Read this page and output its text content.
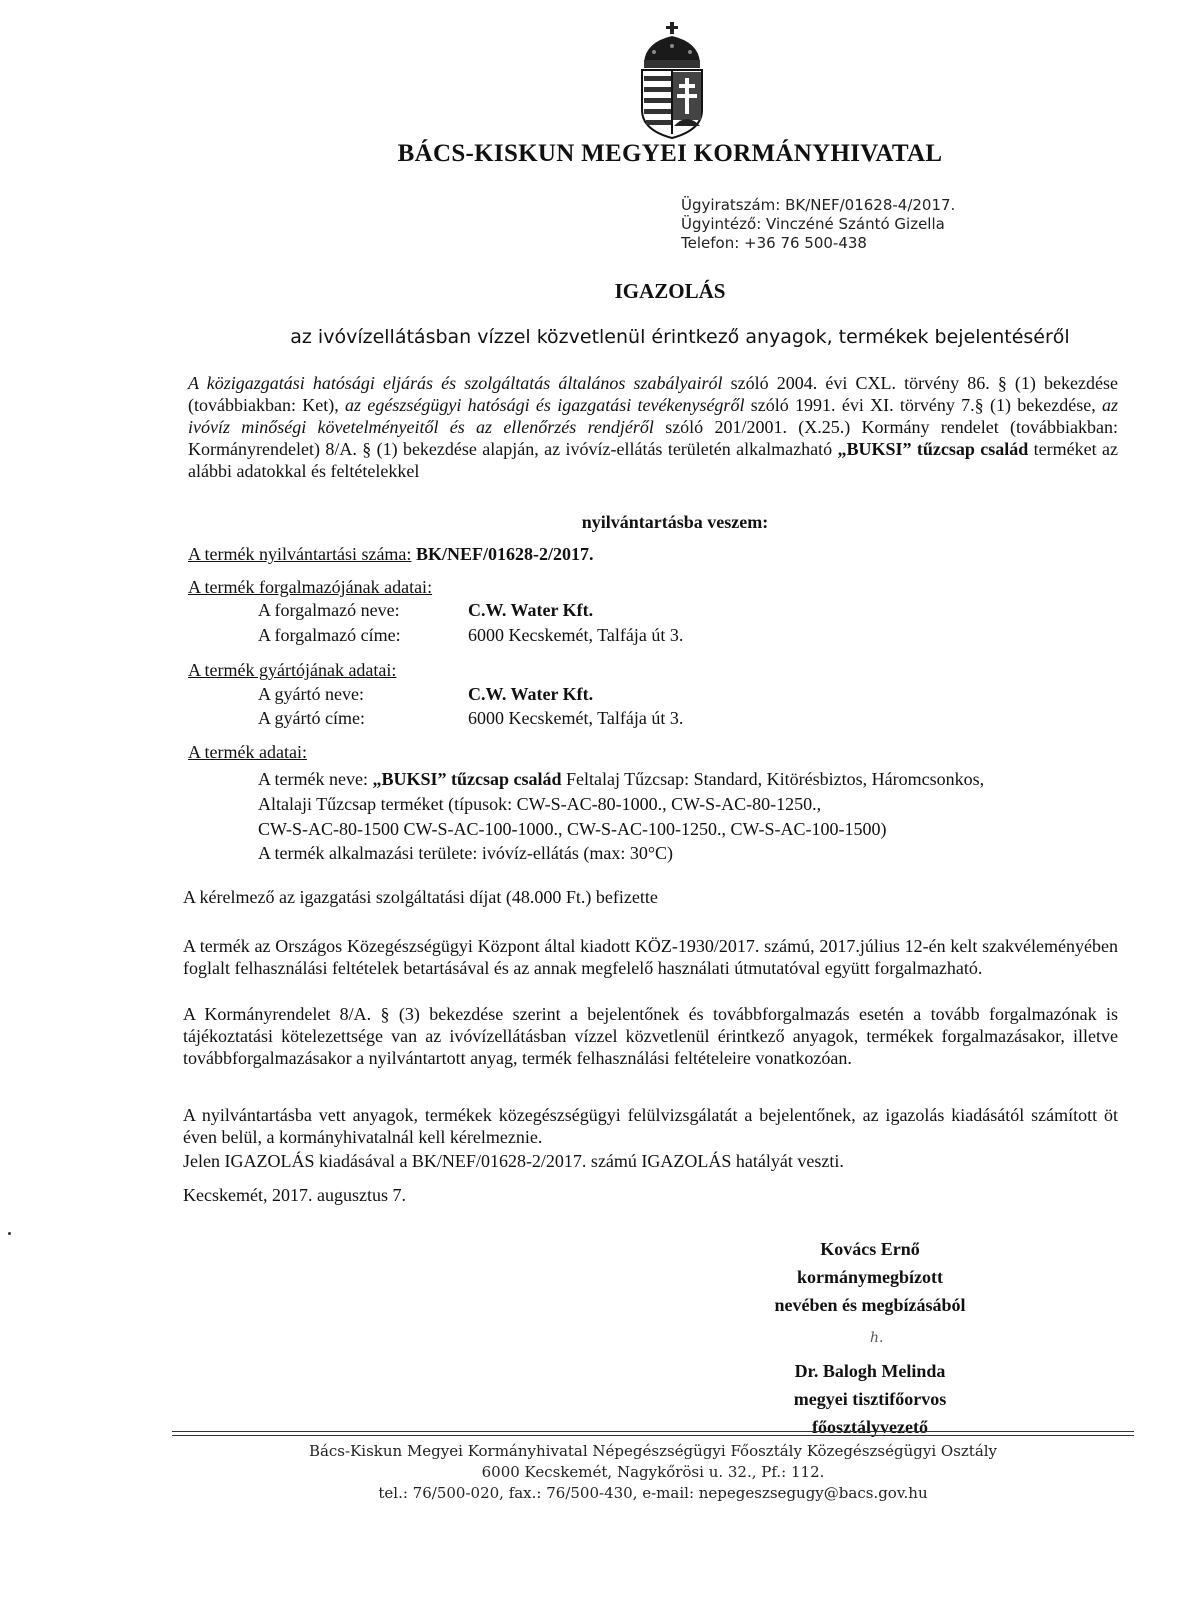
BÁCS-KISKUN MEGYEI KORMÁNYHIVATAL
Ügyiratszám: BK/NEF/01628-4/2017.
Ügyintéző: Vinczéné Szántó Gizella
Telefon: +36 76 500-438
IGAZOLÁS
az ivóvízellátásban vízzel közvetlenül érintkező anyagok, termékek bejelentéséről
A közigazgatási hatósági eljárás és szolgáltatás általános szabályairól szóló 2004. évi CXL. törvény 86. § (1) bekezdése (továbbiakban: Ket), az egészségügyi hatósági és igazgatási tevékenységről szóló 1991. évi XI. törvény 7.§ (1) bekezdése, az ivóvíz minőségi követelményeitől és az ellenőrzés rendjéről szóló 201/2001. (X.25.) Kormány rendelet (továbbiakban: Kormányrendelet) 8/A. § (1) bekezdése alapján, az ivóvíz-ellátás területén alkalmazható „BUKSI” tűzcsap család terméket az alábbi adatokkal és feltételekkel
nyilvántartásba veszem:
A termék nyilvántartási száma: BK/NEF/01628-2/2017.
A termék forgalmazójának adatai:
A forgalmazó neve:	C.W. Water Kft.
A forgalmazó címe:	6000 Kecskemét, Talfája út 3.
A termék gyártójának adatai:
A gyártó neve:	C.W. Water Kft.
A gyártó címe:	6000 Kecskemét, Talfája út 3.
A termék adatai:
A termék neve: „BUKSI” tűzcsap család Feltalaj Tűzcsap: Standard, Kitörésbiztos, Háromcsonkos,
Altalaji Tűzcsap terméket (típusok: CW-S-AC-80-1000., CW-S-AC-80-1250.,
CW-S-AC-80-1500 CW-S-AC-100-1000., CW-S-AC-100-1250., CW-S-AC-100-1500)
A termék alkalmazási területe: ivóvíz-ellátás (max: 30°C)
A kérelmező az igazgatási szolgáltatási díjat (48.000 Ft.) befizette
A termék az Országos Közegészségügyi Központ által kiadott KÖZ-1930/2017. számú, 2017.július 12-én kelt szakvéleményében foglalt felhasználási feltételek betartásával és az annak megfelelő használati útmutatóval együtt forgalmazható.
A Kormányrendelet 8/A. § (3) bekezdése szerint a bejelentőnek és továbbforgalmazás esetén a tovább forgalmazónak is tájékoztatási kötelezettsége van az ivóvízellátásban vízzel közvetlenül érintkező anyagok, termékek forgalmazásakor, illetve továbbforgalmazásakor a nyilvántartott anyag, termék felhasználási feltételeire vonatkozóan.
A nyilvántartásba vett anyagok, termékek közegészségügyi felülvizsgálatát a bejelentőnek, az igazolás kiadásától számított öt éven belül, a kormányhivatalnál kell kérelmeznie.
Jelen IGAZOLÁS kiadásával a BK/NEF/01628-2/2017. számú IGAZOLÁS hatályát veszti.
Kecskemét, 2017. augusztus 7.
Kovács Ernő
kormánymegbízott
nevében és megbízásából
h.
Dr. Balogh Melinda
megyei tisztifőorvos
főosztályvezető
Bács-Kiskun Megyei Kormányhivatal Népegészségügyi Főosztály Közegészségügyi Osztály
6000 Kecskemét, Nagykőrösi u. 32., Pf.: 112.
tel.: 76/500-020, fax.: 76/500-430, e-mail: nepegeszsegugy@bacs.gov.hu
